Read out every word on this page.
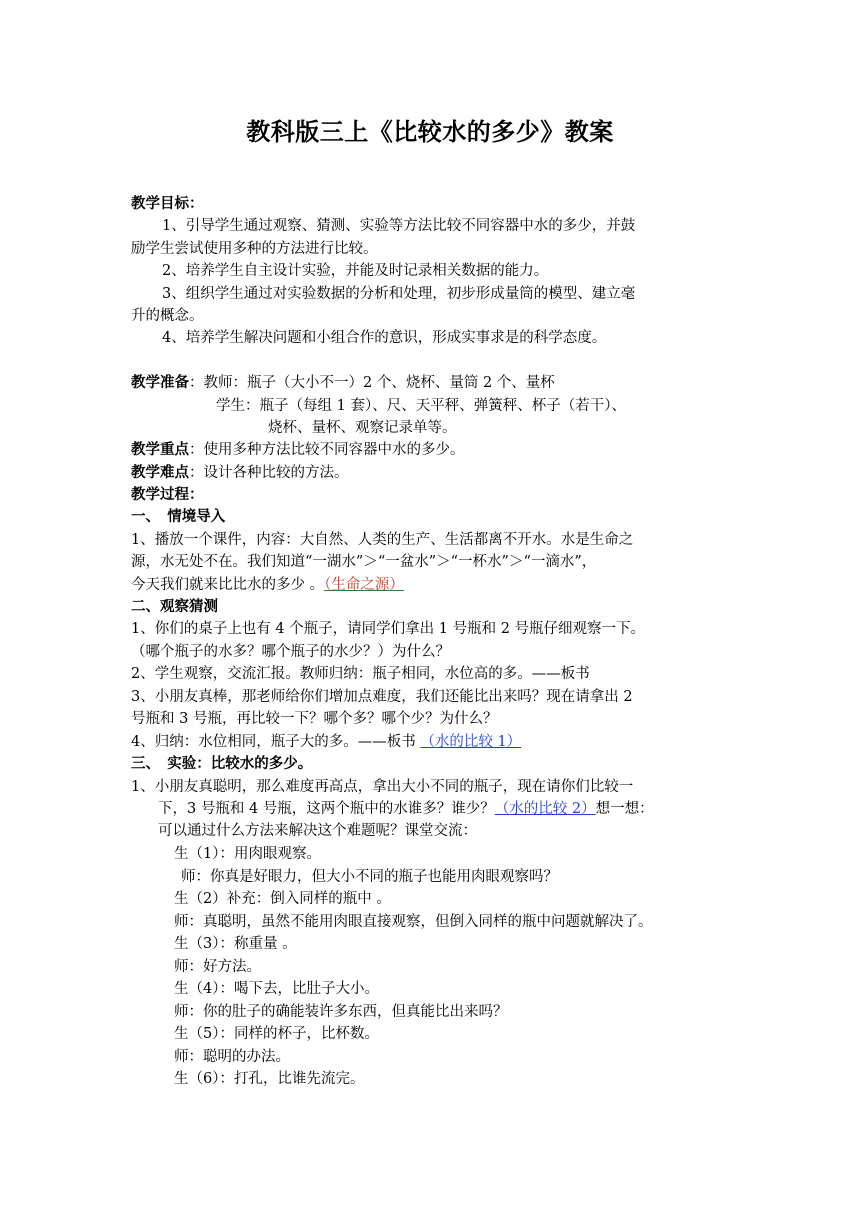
教科版三上《比较水的多少》教案
教学目标：
1、引导学生通过观察、猜测、实验等方法比较不同容器中水的多少，并鼓
励学生尝试使用多种的方法进行比较。
2、培养学生自主设计实验，并能及时记录相关数据的能力。
3、组织学生通过对实验数据的分析和处理，初步形成量筒的模型、建立毫
升的概念。
4、培养学生解决问题和小组合作的意识，形成实事求是的科学态度。
教学准备：教师：瓶子（大小不一）2 个、烧杯、量筒 2 个、量杯
学生：瓶子（每组 1 套）、尺、天平秤、弹簧秤、杯子（若干）、
烧杯、量杯、观察记录单等。
教学重点：使用多种方法比较不同容器中水的多少。
教学难点：设计各种比较的方法。
教学过程：
一、　情境导入
1、播放一个课件，内容：大自然、人类的生产、生活都离不开水。水是生命之
源，水无处不在。我们知道“一湖水”＞“一盆水”＞“一杯水”＞“一滴水”，
今天我们就来比比水的多少 。（生命之源）
二、观察猜测
1、你们的桌子上也有 4 个瓶子，请同学们拿出 1 号瓶和 2 号瓶仔细观察一下。
（哪个瓶子的水多？哪个瓶子的水少？）为什么？
2、学生观察，交流汇报。教师归纳：瓶子相同，水位高的多。——板书
3、小朋友真棒，那老师给你们增加点难度，我们还能比出来吗？现在请拿出 2
号瓶和 3 号瓶，再比较一下？哪个多？哪个少？为什么？
4、归纳：水位相同，瓶子大的多。——板书 （水的比较 1）
三、　实验：比较水的多少。
1、小朋友真聪明，那么难度再高点，拿出大小不同的瓶子，现在请你们比较一
下，3 号瓶和 4 号瓶，这两个瓶中的水谁多？谁少？（水的比较 2）想一想：
可以通过什么方法来解决这个难题呢？课堂交流：
生（1）：用肉眼观察。
师：你真是好眼力，但大小不同的瓶子也能用肉眼观察吗？
生（2）补充：倒入同样的瓶中 。
师：真聪明，虽然不能用肉眼直接观察，但倒入同样的瓶中问题就解决了。
生（3）：称重量 。
师：好方法。
生（4）：喝下去，比肚子大小。
师：你的肚子的确能装许多东西，但真能比出来吗？
生（5）：同样的杯子，比杯数。
师：聪明的办法。
生（6）：打孔，比谁先流完。
